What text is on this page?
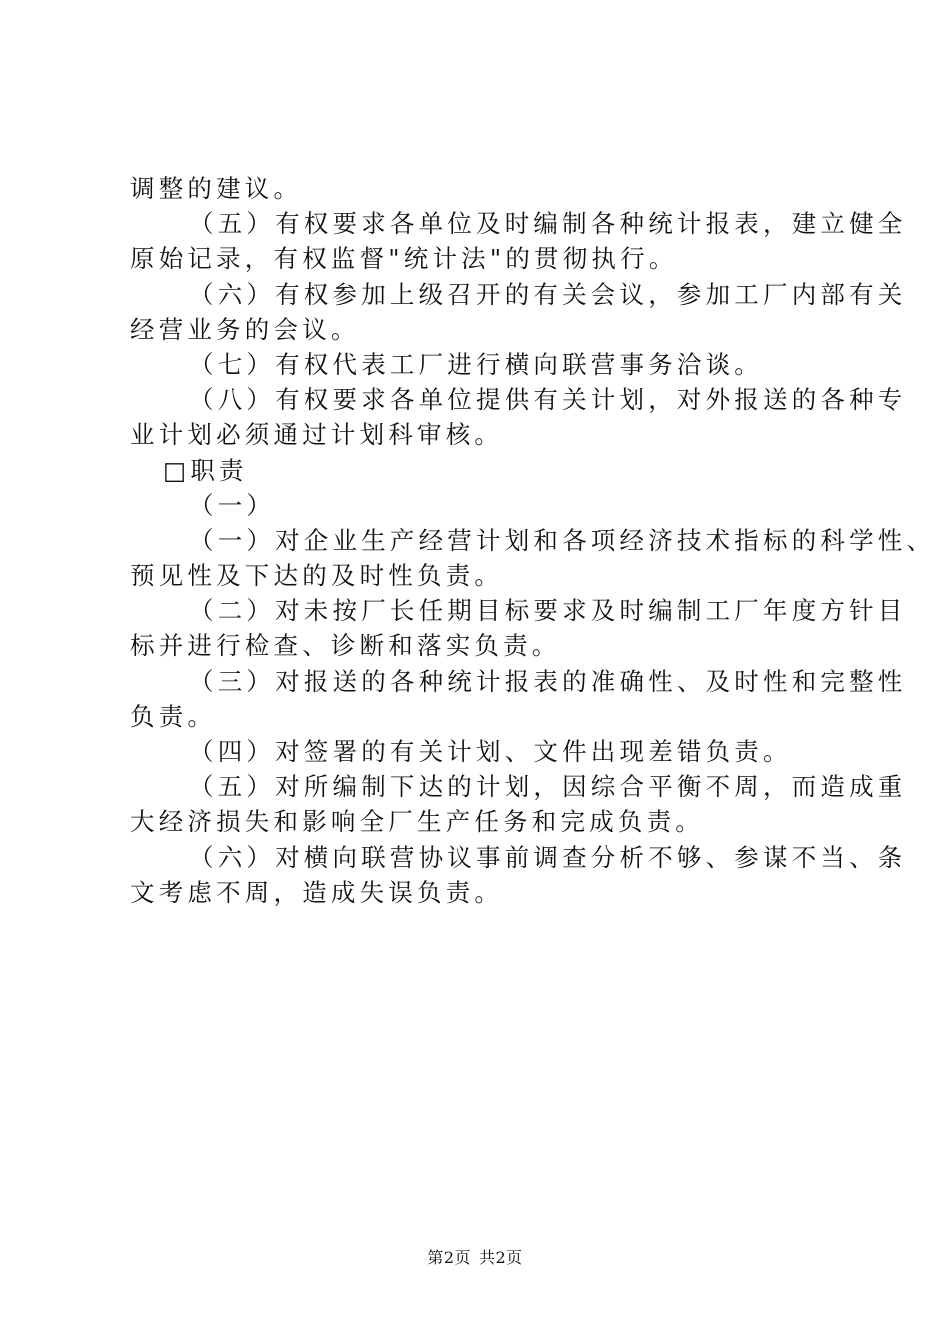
调整的建议。
（五）有权要求各单位及时编制各种统计报表，建立健全
原始记录，有权监督"统计法"的贯彻执行。
（六）有权参加上级召开的有关会议，参加工厂内部有关
经营业务的会议。
（七）有权代表工厂进行横向联营事务洽谈。
（八）有权要求各单位提供有关计划，对外报送的各种专
业计划必须通过计划科审核。
□职责
（一）
（一）对企业生产经营计划和各项经济技术指标的科学性、
预见性及下达的及时性负责。
（二）对未按厂长任期目标要求及时编制工厂年度方针目
标并进行检查、诊断和落实负责。
（三）对报送的各种统计报表的准确性、及时性和完整性
负责。
（四）对签署的有关计划、文件出现差错负责。
（五）对所编制下达的计划，因综合平衡不周，而造成重
大经济损失和影响全厂生产任务和完成负责。
（六）对横向联营协议事前调查分析不够、参谋不当、条
文考虑不周，造成失误负责。
第2页 共2页
